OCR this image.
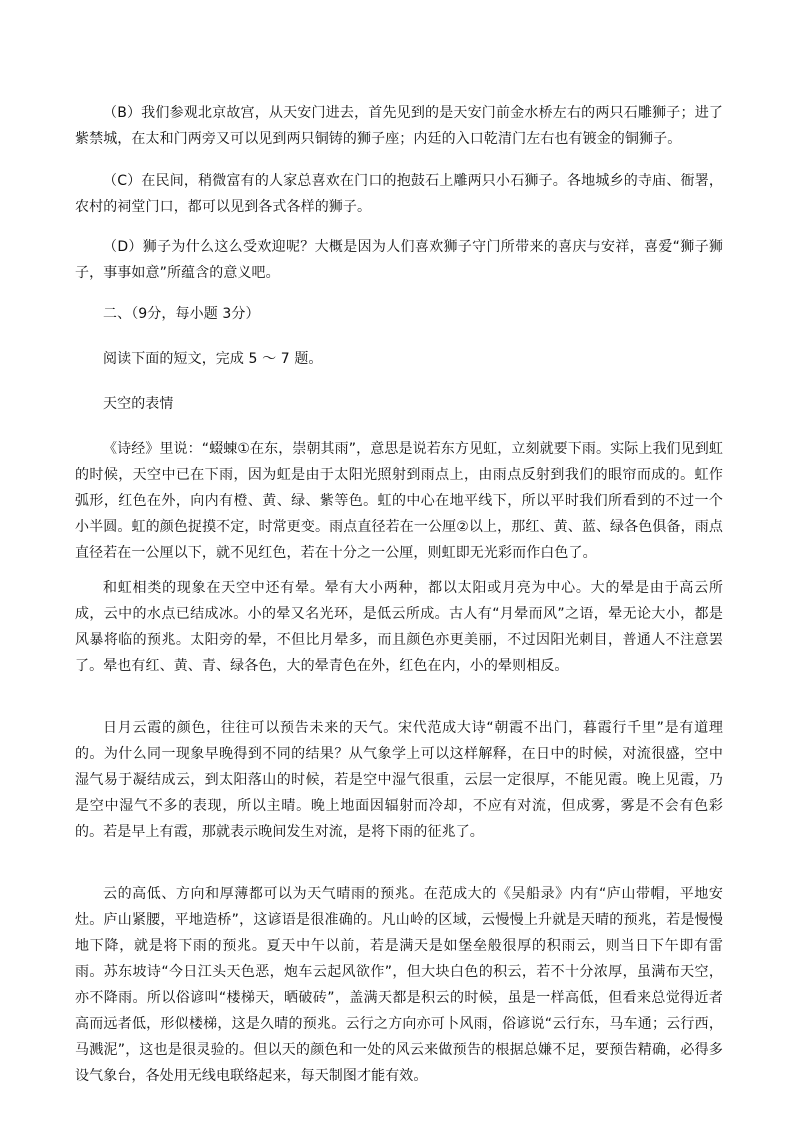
（B）我们参观北京故宫，从天安门进去，首先见到的是天安门前金水桥左右的两只石雕狮子；进了紫禁城，在太和门两旁又可以见到两只铜铸的狮子座；内廷的入口乾清门左右也有镀金的铜狮子。

（C）在民间，稍微富有的人家总喜欢在门口的抱鼓石上雕两只小石狮子。各地城乡的寺庙、衙署，农村的祠堂门口，都可以见到各式各样的狮子。

（D）狮子为什么这么受欢迎呢？大概是因为人们喜欢狮子守门所带来的喜庆与安祥，喜爱“狮子狮子，事事如意”所蕴含的意义吧。

二、（9分，每小题 3分）

阅读下面的短文，完成 5 ～ 7 题。

天空的表情

《诗经》里说：“蝃蝀①在东，崇朝其雨”，意思是说若东方见虹，立刻就要下雨。实际上我们见到虹的时候，天空中已在下雨，因为虹是由于太阳光照射到雨点上，由雨点反射到我们的眼帘而成的。虹作弧形，红色在外，向内有橙、黄、绿、紫等色。虹的中心在地平线下，所以平时我们所看到的不过一个小半圆。虹的颜色捉摸不定，时常更变。雨点直径若在一公厘②以上，那红、黄、蓝、绿各色俱备，雨点直径若在一公厘以下，就不见红色，若在十分之一公厘，则虹即无光彩而作白色了。

和虹相类的现象在天空中还有晕。晕有大小两种，都以太阳或月亮为中心。大的晕是由于高云所成，云中的水点已结成冰。小的晕又名光环，是低云所成。古人有“月晕而风”之语，晕无论大小，都是风暴将临的预兆。太阳旁的晕，不但比月晕多，而且颜色亦更美丽，不过因阳光刺目，普通人不注意罢了。晕也有红、黄、青、绿各色，大的晕青色在外，红色在内，小的晕则相反。

日月云霞的颜色，往往可以预告未来的天气。宋代范成大诗“朝霞不出门，暮霞行千里”是有道理的。为什么同一现象早晚得到不同的结果？从气象学上可以这样解释，在日中的时候，对流很盛，空中湿气易于凝结成云，到太阳落山的时候，若是空中湿气很重，云层一定很厚，不能见霞。晚上见霞，乃是空中湿气不多的表现，所以主晴。晚上地面因辐射而冷却，不应有对流，但成雾，雾是不会有色彩的。若是早上有霞，那就表示晚间发生对流，是将下雨的征兆了。

云的高低、方向和厚薄都可以为天气晴雨的预兆。在范成大的《吴船录》内有“庐山带帽，平地安灶。庐山紧腰，平地造桥”，这谚语是很准确的。凡山岭的区域，云慢慢上升就是天晴的预兆，若是慢慢地下降，就是将下雨的预兆。夏天中午以前，若是满天是如堡垒般很厚的积雨云，则当日下午即有雷雨。苏东坡诗“今日江头天色恶，炮车云起风欲作”，但大块白色的积云，若不十分浓厚，虽满布天空，亦不降雨。所以俗谚叫“楼梯天，晒破砖”，盖满天都是积云的时候，虽是一样高低，但看来总觉得近者高而远者低，形似楼梯，这是久晴的预兆。云行之方向亦可卜风雨，俗谚说“云行东，马车通；云行西，马溅泥”，这也是很灵验的。但以天的颜色和一处的风云来做预告的根据总嫌不足，要预告精确，必得多设气象台，各处用无线电联络起来，每天制图才能有效。
